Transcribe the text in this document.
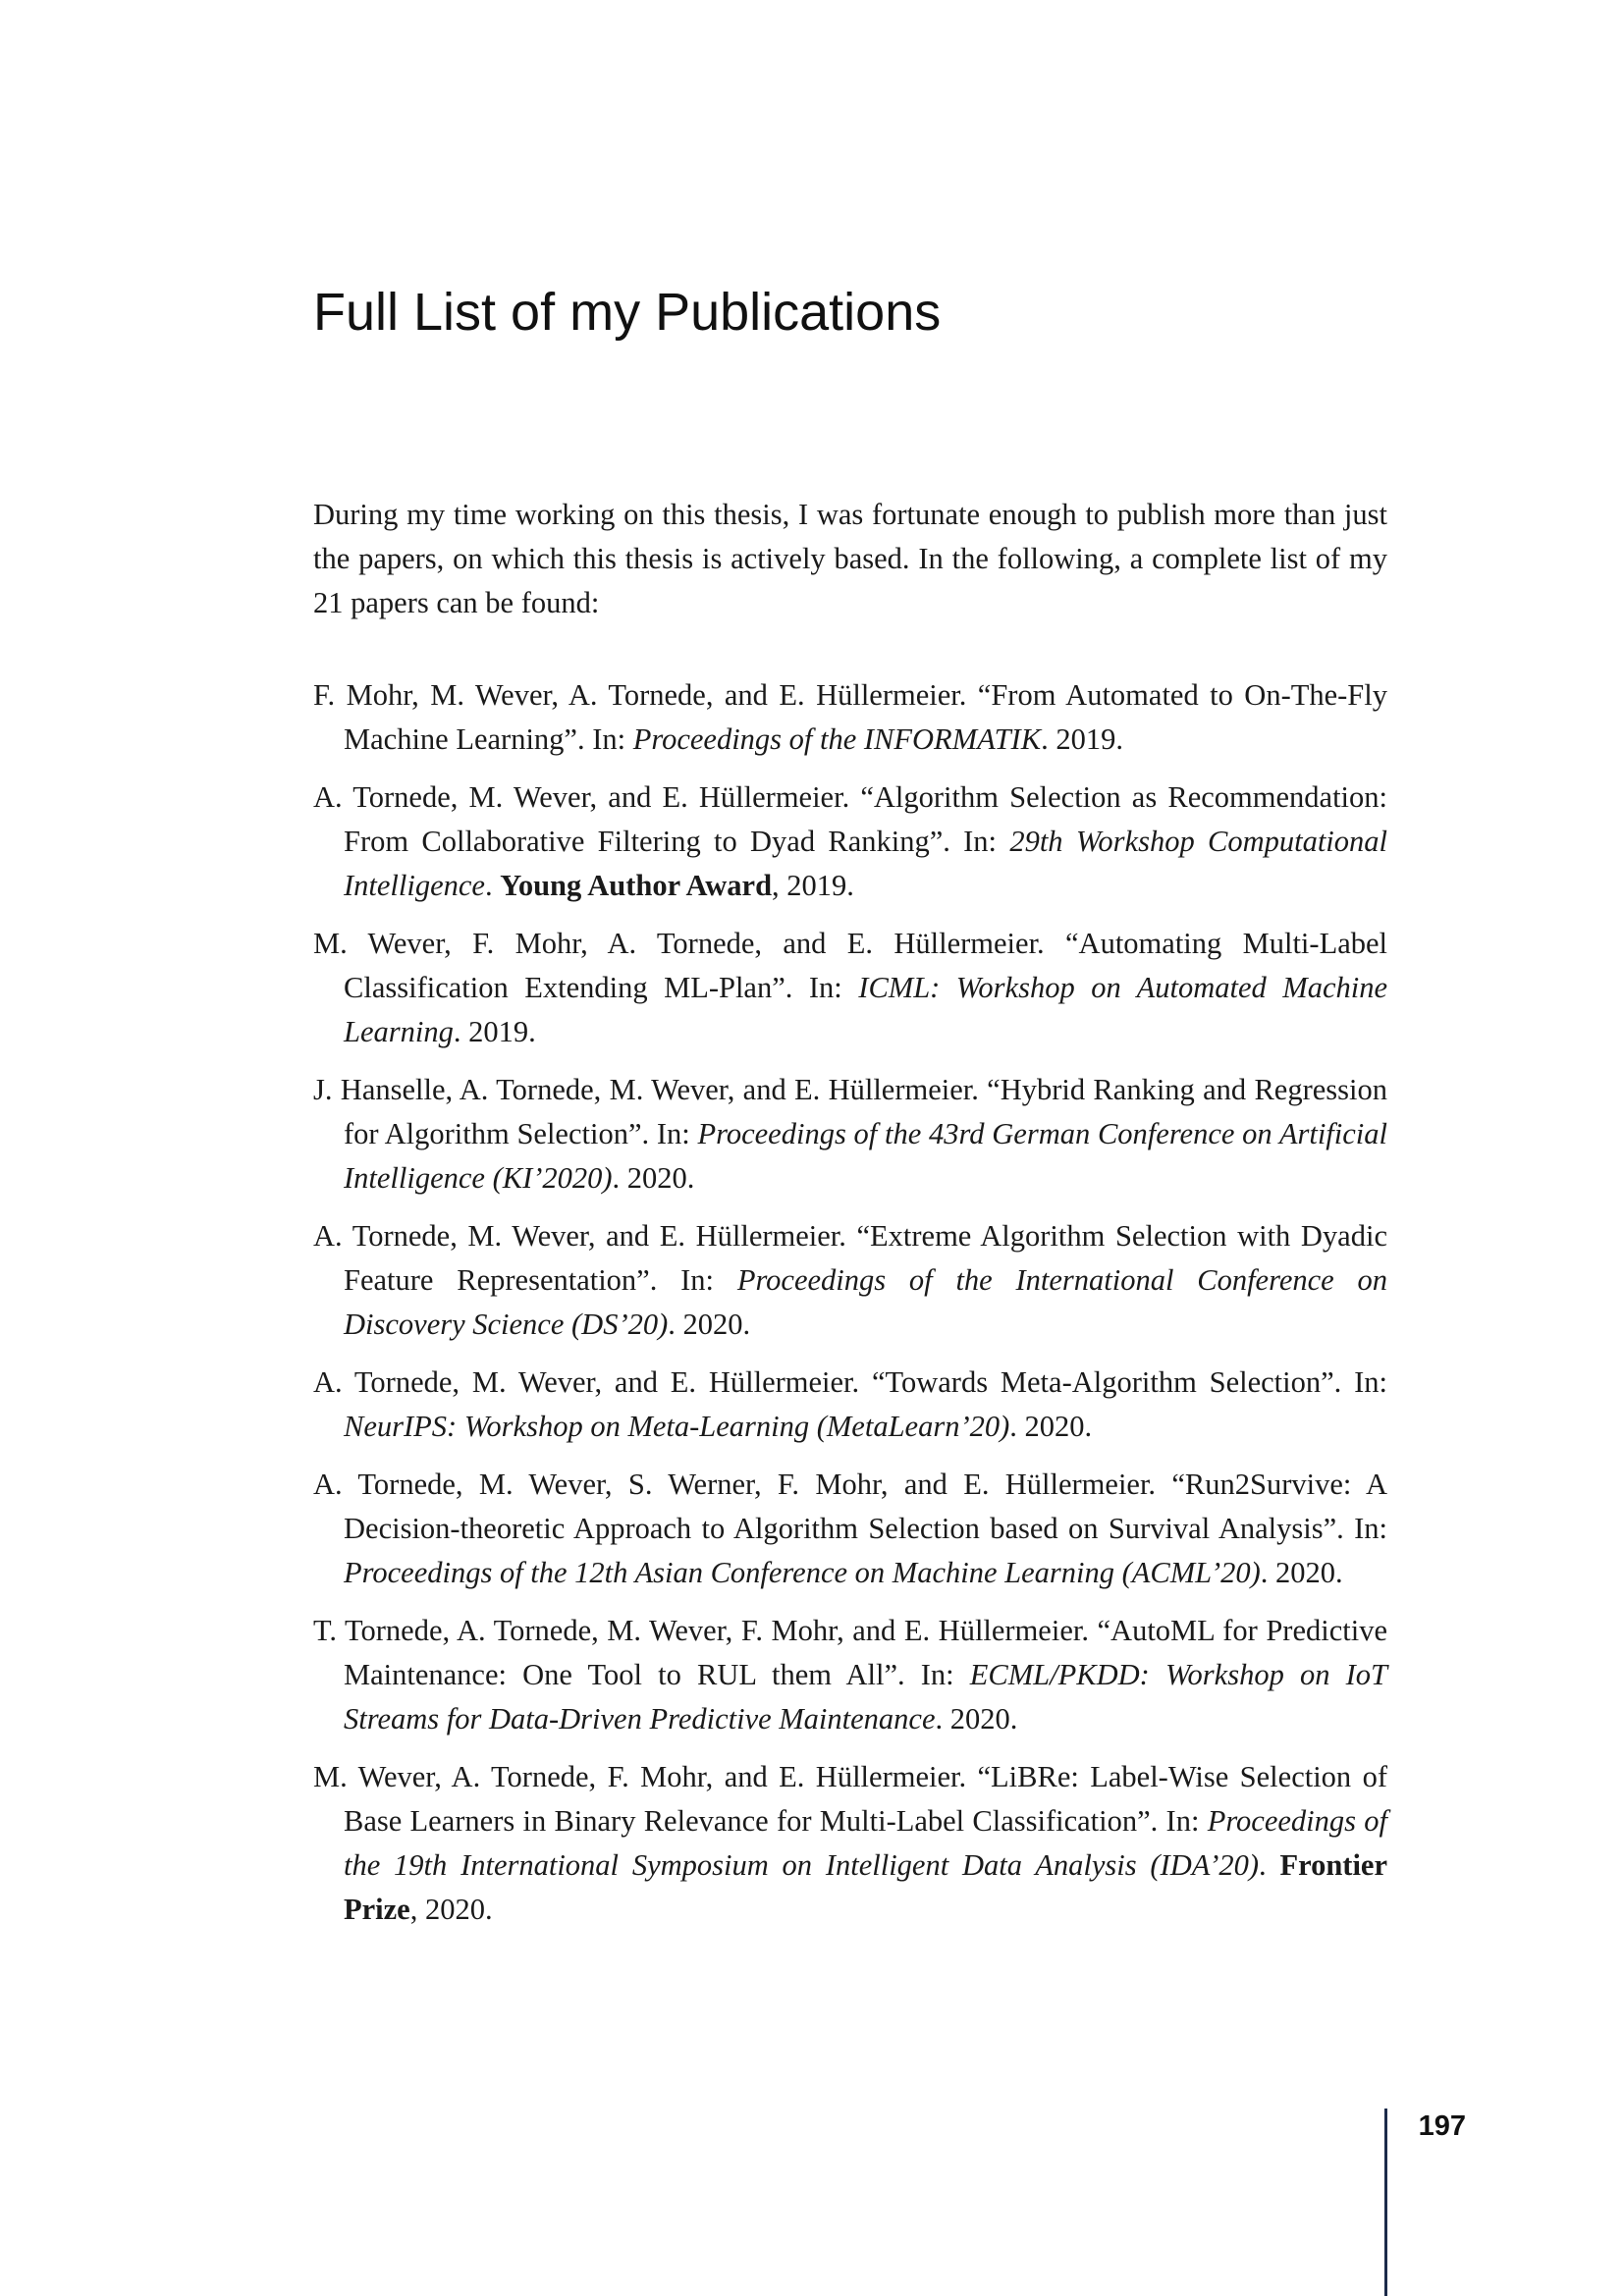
Full List of my Publications

During my time working on this thesis, I was fortunate enough to publish more than just the papers, on which this thesis is actively based. In the following, a complete list of my 21 papers can be found:

F. Mohr, M. Wever, A. Tornede, and E. Hüllermeier. “From Automated to On-The-Fly Machine Learning”. In: Proceedings of the INFORMATIK. 2019.
A. Tornede, M. Wever, and E. Hüllermeier. “Algorithm Selection as Recommendation: From Collaborative Filtering to Dyad Ranking”. In: 29th Workshop Computational Intelligence. Young Author Award, 2019.
M. Wever, F. Mohr, A. Tornede, and E. Hüllermeier. “Automating Multi-Label Classification Extending ML-Plan”. In: ICML: Workshop on Automated Machine Learning. 2019.
J. Hanselle, A. Tornede, M. Wever, and E. Hüllermeier. “Hybrid Ranking and Regression for Algorithm Selection”. In: Proceedings of the 43rd German Conference on Artificial Intelligence (KI’2020). 2020.
A. Tornede, M. Wever, and E. Hüllermeier. “Extreme Algorithm Selection with Dyadic Feature Representation”. In: Proceedings of the International Conference on Discovery Science (DS’20). 2020.
A. Tornede, M. Wever, and E. Hüllermeier. “Towards Meta-Algorithm Selection”. In: NeurIPS: Workshop on Meta-Learning (MetaLearn’20). 2020.
A. Tornede, M. Wever, S. Werner, F. Mohr, and E. Hüllermeier. “Run2Survive: A Decision-theoretic Approach to Algorithm Selection based on Survival Analysis”. In: Proceedings of the 12th Asian Conference on Machine Learning (ACML’20). 2020.
T. Tornede, A. Tornede, M. Wever, F. Mohr, and E. Hüllermeier. “AutoML for Predictive Maintenance: One Tool to RUL them All”. In: ECML/PKDD: Workshop on IoT Streams for Data-Driven Predictive Maintenance. 2020.
M. Wever, A. Tornede, F. Mohr, and E. Hüllermeier. “LiBRe: Label-Wise Selection of Base Learners in Binary Relevance for Multi-Label Classification”. In: Proceedings of the 19th International Symposium on Intelligent Data Analysis (IDA’20). Frontier Prize, 2020.
197
